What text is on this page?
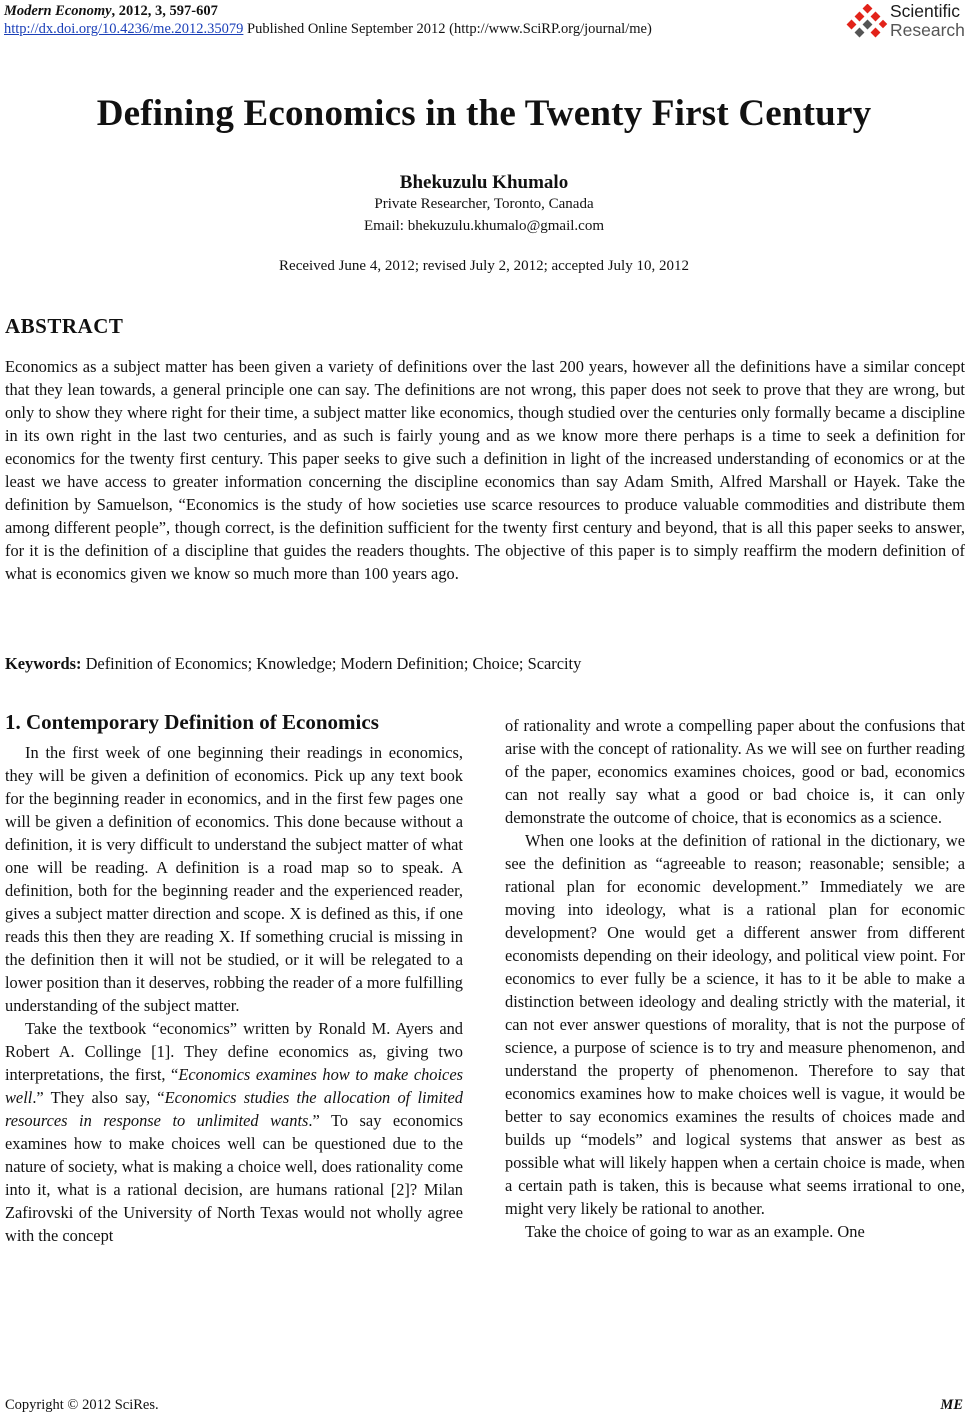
Modern Economy, 2012, 3, 597-607
http://dx.doi.org/10.4236/me.2012.35079 Published Online September 2012 (http://www.SciRP.org/journal/me)
Scientific
Research
Defining Economics in the Twenty First Century
Bhekuzulu Khumalo
Private Researcher, Toronto, Canada
Email: bhekuzulu.khumalo@gmail.com
Received June 4, 2012; revised July 2, 2012; accepted July 10, 2012
ABSTRACT
Economics as a subject matter has been given a variety of definitions over the last 200 years, however all the definitions have a similar concept that they lean towards, a general principle one can say. The definitions are not wrong, this paper does not seek to prove that they are wrong, but only to show they where right for their time, a subject matter like economics, though studied over the centuries only formally became a discipline in its own right in the last two centuries, and as such is fairly young and as we know more there perhaps is a time to seek a definition for economics for the twenty first century. This paper seeks to give such a definition in light of the increased understanding of economics or at the least we have access to greater information concerning the discipline economics than say Adam Smith, Alfred Marshall or Hayek. Take the definition by Samuelson, “Economics is the study of how societies use scarce resources to produce valuable commodities and distribute them among different people”, though correct, is the definition sufficient for the twenty first century and beyond, that is all this paper seeks to answer, for it is the definition of a discipline that guides the readers thoughts. The objective of this paper is to simply reaffirm the modern definition of what is economics given we know so much more than 100 years ago.
Keywords: Definition of Economics; Knowledge; Modern Definition; Choice; Scarcity
1. Contemporary Definition of Economics

In the first week of one beginning their readings in economics, they will be given a definition of economics. Pick up any text book for the beginning reader in economics, and in the first few pages one will be given a definition of economics. This done because without a definition, it is very difficult to understand the subject matter of what one will be reading. A definition is a road map so to speak. A definition, both for the beginning reader and the experienced reader, gives a subject matter direction and scope. X is defined as this, if one reads this then they are reading X. If something crucial is missing in the definition then it will not be studied, or it will be relegated to a lower position than it deserves, robbing the reader of a more fulfilling understanding of the subject matter.

Take the textbook “economics” written by Ronald M. Ayers and Robert A. Collinge [1]. They define economics as, giving two interpretations, the first, “Economics examines how to make choices well.” They also say, “Economics studies the allocation of limited resources in response to unlimited wants.” To say economics examines how to make choices well can be questioned due to the nature of society, what is making a choice well, does rationality come into it, what is a rational decision, are humans rational [2]? Milan Zafirovski of the University of North Texas would not wholly agree with the concept

of rationality and wrote a compelling paper about the confusions that arise with the concept of rationality. As we will see on further reading of the paper, economics examines choices, good or bad, economics can not really say what a good or bad choice is, it can only demonstrate the outcome of choice, that is economics as a science.

When one looks at the definition of rational in the dictionary, we see the definition as “agreeable to reason; reasonable; sensible; a rational plan for economic development.” Immediately we are moving into ideology, what is a rational plan for economic development? One would get a different answer from different economists depending on their ideology, and political view point. For economics to ever fully be a science, it has to it be able to make a distinction between ideology and dealing strictly with the material, it can not ever answer questions of morality, that is not the purpose of science, a purpose of science is to try and measure phenomenon, and understand the property of phenomenon. Therefore to say that economics examines how to make choices well is vague, it would be better to say economics examines the results of choices made and builds up “models” and logical systems that answer as best as possible what will likely happen when a certain choice is made, when a certain path is taken, this is because what seems irrational to one, might very likely be rational to another.

Take the choice of going to war as an example. One

Copyright © 2012 SciRes.	ME
